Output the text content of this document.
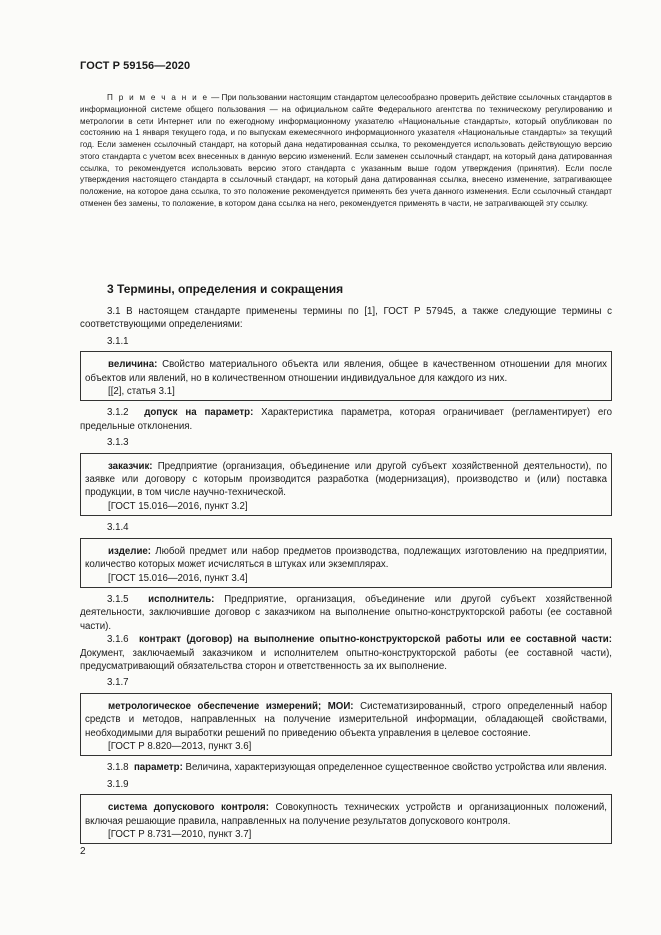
ГОСТ Р 59156—2020
П р и м е ч а н и е — При пользовании настоящим стандартом целесообразно проверить действие ссылочных стандартов в информационной системе общего пользования — на официальном сайте Федерального агентства по техническому регулированию и метрологии в сети Интернет или по ежегодному информационному указателю «Национальные стандарты», который опубликован по состоянию на 1 января текущего года, и по выпускам ежемесячного информационного указателя «Национальные стандарты» за текущий год. Если заменен ссылочный стандарт, на который дана недатированная ссылка, то рекомендуется использовать действующую версию этого стандарта с учетом всех внесенных в данную версию изменений. Если заменен ссылочный стандарт, на который дана датированная ссылка, то рекомендуется использовать версию этого стандарта с указанным выше годом утверждения (принятия). Если после утверждения настоящего стандарта в ссылочный стандарт, на который дана датированная ссылка, внесено изменение, затрагивающее положение, на которое дана ссылка, то это положение рекомендуется применять без учета данного изменения. Если ссылочный стандарт отменен без замены, то положение, в котором дана ссылка на него, рекомендуется применять в части, не затрагивающей эту ссылку.
3 Термины, определения и сокращения

3.1 В настоящем стандарте применены термины по [1], ГОСТ Р 57945, а также следующие термины с соответствующими определениями:

3.1.1

величина: Свойство материального объекта или явления, общее в качественном отношении для многих объектов или явлений, но в количественном отношении индивидуальное для каждого из них.

[[2], статья 3.1]

3.1.2 допуск на параметр: Характеристика параметра, которая ограничивает (регламентирует) его предельные отклонения.

3.1.3

заказчик: Предприятие (организация, объединение или другой субъект хозяйственной деятельности), по заявке или договору с которым производится разработка (модернизация), производство и (или) поставка продукции, в том числе научно-технической.

[ГОСТ 15.016—2016, пункт 3.2]
3.1.4

изделие: Любой предмет или набор предметов производства, подлежащих изготовлению на предприятии, количество которых может исчисляться в штуках или экземплярах.

[ГОСТ 15.016—2016, пункт 3.4]

3.1.5 исполнитель: Предприятие, организация, объединение или другой субъект хозяйственной деятельности, заключившие договор с заказчиком на выполнение опытно-конструкторской работы (ее составной части).

3.1.6 контракт (договор) на выполнение опытно-конструкторской работы или ее составной части: Документ, заключаемый заказчиком и исполнителем опытно-конструкторской работы (ее составной части), предусматривающий обязательства сторон и ответственность за их выполнение.

3.1.7

метрологическое обеспечение измерений; МОИ: Систематизированный, строго определенный набор средств и методов, направленных на получение измерительной информации, обладающей свойствами, необходимыми для выработки решений по приведению объекта управления в целевое состояние.

[ГОСТ Р 8.820—2013, пункт 3.6]

3.1.8 параметр: Величина, характеризующая определенное существенное свойство устройства или явления.

3.1.9

система допускового контроля: Совокупность технических устройств и организационных положений, включая решающие правила, направленных на получение результатов допускового контроля.

[ГОСТ Р 8.731—2010, пункт 3.7]
2
